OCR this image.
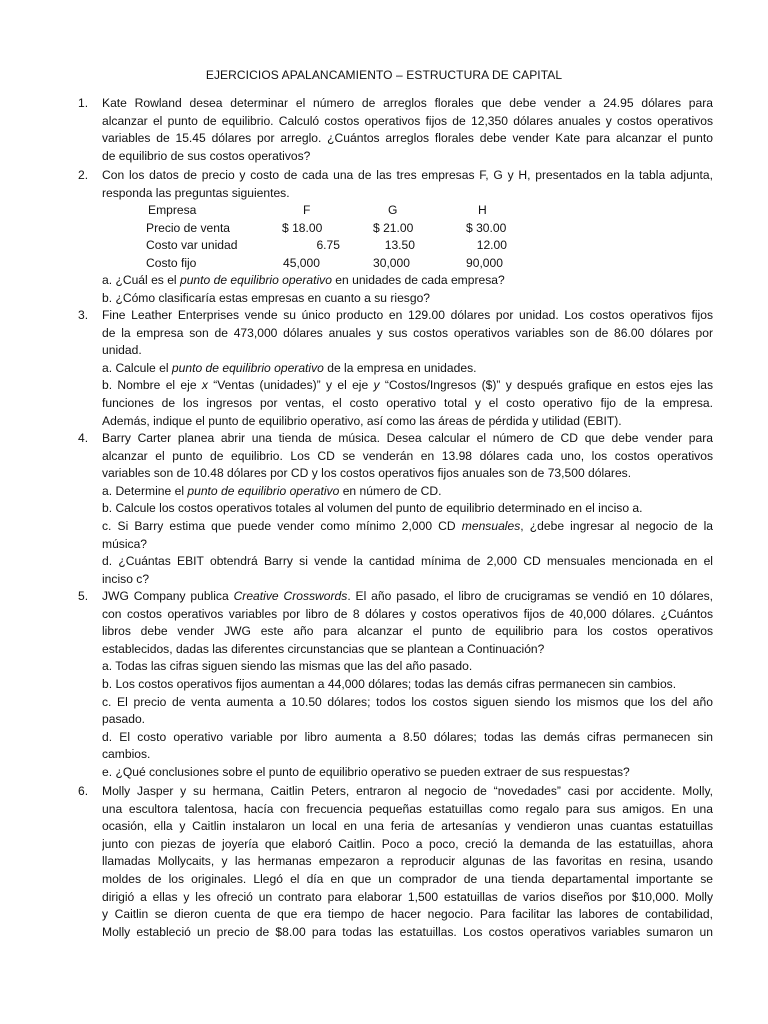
EJERCICIOS APALANCAMIENTO – ESTRUCTURA DE CAPITAL
1.	Kate Rowland desea determinar el número de arreglos florales que debe vender a 24.95 dólares para
alcanzar el punto de equilibrio. Calculó costos operativos fijos de 12,350 dólares anuales y costos operativos
variables de 15.45 dólares por arreglo. ¿Cuántos arreglos florales debe vender Kate para alcanzar el punto
de equilibrio de sus costos operativos?
2.	Con los datos de precio y costo de cada una de las tres empresas F, G y H, presentados en la tabla adjunta,
responda las preguntas siguientes.
Empresa	F	G	H
Precio de venta	$ 18.00	$ 21.00	$ 30.00
Costo var unidad	6.75	13.50	12.00
Costo fijo	45,000	30,000	90,000
a. ¿Cuál es el punto de equilibrio operativo en unidades de cada empresa?
b. ¿Cómo clasificaría estas empresas en cuanto a su riesgo?
3.	Fine Leather Enterprises vende su único producto en 129.00 dólares por unidad. Los costos operativos fijos
de la empresa son de 473,000 dólares anuales y sus costos operativos variables son de 86.00 dólares por
unidad.
a. Calcule el punto de equilibrio operativo de la empresa en unidades.
b. Nombre el eje x “Ventas (unidades)” y el eje y “Costos/Ingresos ($)” y después grafique en estos ejes las
funciones de los ingresos por ventas, el costo operativo total y el costo operativo fijo de la empresa.
Además, indique el punto de equilibrio operativo, así como las áreas de pérdida y utilidad (EBIT).
4.	Barry Carter planea abrir una tienda de música. Desea calcular el número de CD que debe vender para
alcanzar el punto de equilibrio. Los CD se venderán en 13.98 dólares cada uno, los costos operativos
variables son de 10.48 dólares por CD y los costos operativos fijos anuales son de 73,500 dólares.
a. Determine el punto de equilibrio operativo en número de CD.
b. Calcule los costos operativos totales al volumen del punto de equilibrio determinado en el inciso a.
c. Si Barry estima que puede vender como mínimo 2,000 CD mensuales, ¿debe ingresar al negocio de la
música?
d. ¿Cuántas EBIT obtendrá Barry si vende la cantidad mínima de 2,000 CD mensuales mencionada en el
inciso c?
5.	JWG Company publica Creative Crosswords. El año pasado, el libro de crucigramas se vendió en 10 dólares,
con costos operativos variables por libro de 8 dólares y costos operativos fijos de 40,000 dólares. ¿Cuántos
libros debe vender JWG este año para alcanzar el punto de equilibrio para los costos operativos
establecidos, dadas las diferentes circunstancias que se plantean a Continuación?
a. Todas las cifras siguen siendo las mismas que las del año pasado.
b. Los costos operativos fijos aumentan a 44,000 dólares; todas las demás cifras permanecen sin cambios.
c. El precio de venta aumenta a 10.50 dólares; todos los costos siguen siendo los mismos que los del año
pasado.
d. El costo operativo variable por libro aumenta a 8.50 dólares; todas las demás cifras permanecen sin
cambios.
e. ¿Qué conclusiones sobre el punto de equilibrio operativo se pueden extraer de sus respuestas?
6.	Molly Jasper y su hermana, Caitlin Peters, entraron al negocio de “novedades” casi por accidente. Molly,
una escultora talentosa, hacía con frecuencia pequeñas estatuillas como regalo para sus amigos. En una
ocasión, ella y Caitlin instalaron un local en una feria de artesanías y vendieron unas cuantas estatuillas
junto con piezas de joyería que elaboró Caitlin. Poco a poco, creció la demanda de las estatuillas, ahora
llamadas Mollycaits, y las hermanas empezaron a reproducir algunas de las favoritas en resina, usando
moldes de los originales. Llegó el día en que un comprador de una tienda departamental importante se
dirigió a ellas y les ofreció un contrato para elaborar 1,500 estatuillas de varios diseños por $10,000. Molly
y Caitlin se dieron cuenta de que era tiempo de hacer negocio. Para facilitar las labores de contabilidad,
Molly estableció un precio de $8.00 para todas las estatuillas. Los costos operativos variables sumaron un
